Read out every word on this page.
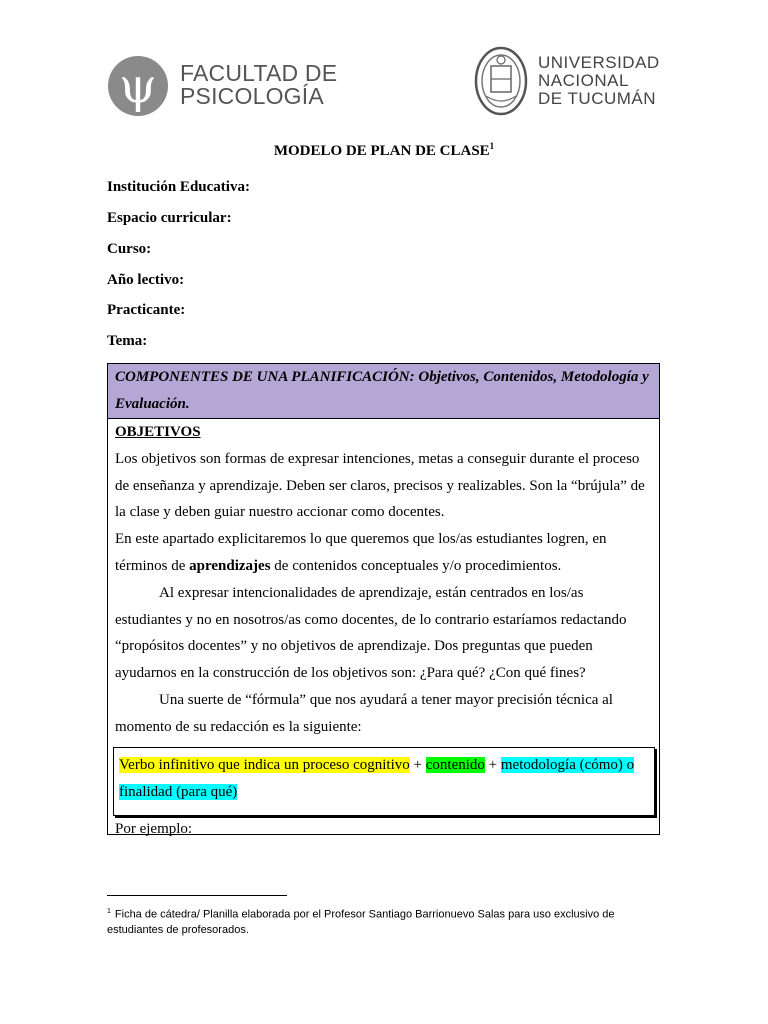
ψ	FACULTAD DE
PSICOLOGÍA
UNIVERSIDAD
NACIONAL
DE TUCUMÁN
MODELO DE PLAN DE CLASE$^1$
Institución Educativa:
Espacio curricular:
Curso:
Año lectivo:
Practicante:
Tema:
COMPONENTES DE UNA PLANIFICACIÓN: Objetivos, Contenidos, Metodología y Evaluación.
OBJETIVOS
Los objetivos son formas de expresar intenciones, metas a conseguir durante el proceso de enseñanza y aprendizaje. Deben ser claros, precisos y realizables. Son la “brújula” de la clase y deben guiar nuestro accionar como docentes.
En este apartado explicitaremos lo que queremos que los/as estudiantes logren, en términos de aprendizajes de contenidos conceptuales y/o procedimientos.
Al expresar intencionalidades de aprendizaje, están centrados en los/as estudiantes y no en nosotros/as como docentes, de lo contrario estaríamos redactando “propósitos docentes” y no objetivos de aprendizaje. Dos preguntas que pueden ayudarnos en la construcción de los objetivos son: ¿Para qué? ¿Con qué fines?
Una suerte de “fórmula” que nos ayudará a tener mayor precisión técnica al momento de su redacción es la siguiente:
Verbo infinitivo que indica un proceso cognitivo + contenido + metodología (cómo) o finalidad (para qué)
Por ejemplo:
$^1$ Ficha de cátedra/ Planilla elaborada por el Profesor Santiago Barrionuevo Salas para uso exclusivo de estudiantes de profesorados.
